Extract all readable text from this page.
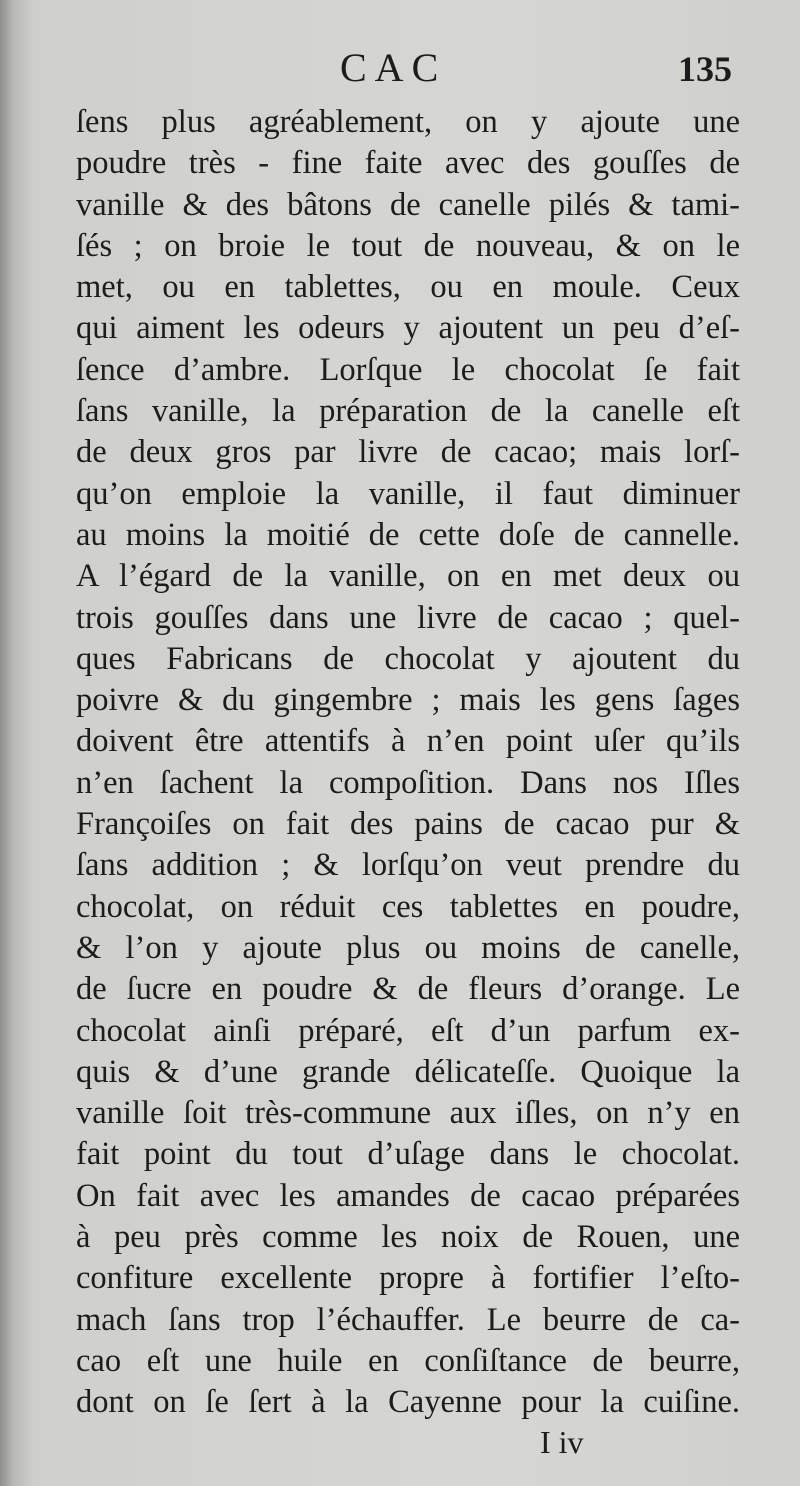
CAC	135
ſens plus agréablement, on y ajoute une
poudre très - fine faite avec des gouſſes de
vanille & des bâtons de canelle pilés & tami-
ſés ; on broie le tout de nouveau, & on le
met, ou en tablettes, ou en moule. Ceux
qui aiment les odeurs y ajoutent un peu d’eſ-
ſence d’ambre. Lorſque le chocolat ſe fait
ſans vanille, la préparation de la canelle eſt
de deux gros par livre de cacao; mais lorſ-
qu’on emploie la vanille, il faut diminuer
au moins la moitié de cette doſe de cannelle.
A l’égard de la vanille, on en met deux ou
trois gouſſes dans une livre de cacao ; quel-
ques Fabricans de chocolat y ajoutent du
poivre & du gingembre ; mais les gens ſages
doivent être attentifs à n’en point uſer qu’ils
n’en ſachent la compoſition. Dans nos Iſles
Françoiſes on fait des pains de cacao pur &
ſans addition ; & lorſqu’on veut prendre du
chocolat, on réduit ces tablettes en poudre,
& l’on y ajoute plus ou moins de canelle,
de ſucre en poudre & de fleurs d’orange. Le
chocolat ainſi préparé, eſt d’un parfum ex-
quis & d’une grande délicateſſe. Quoique la
vanille ſoit très-commune aux iſles, on n’y en
fait point du tout d’uſage dans le chocolat.
On fait avec les amandes de cacao préparées
à peu près comme les noix de Rouen, une
confiture excellente propre à fortifier l’eſto-
mach ſans trop l’échauffer. Le beurre de ca-
cao eſt une huile en conſiſtance de beurre,
dont on ſe ſert à la Cayenne pour la cuiſine.
I iv
